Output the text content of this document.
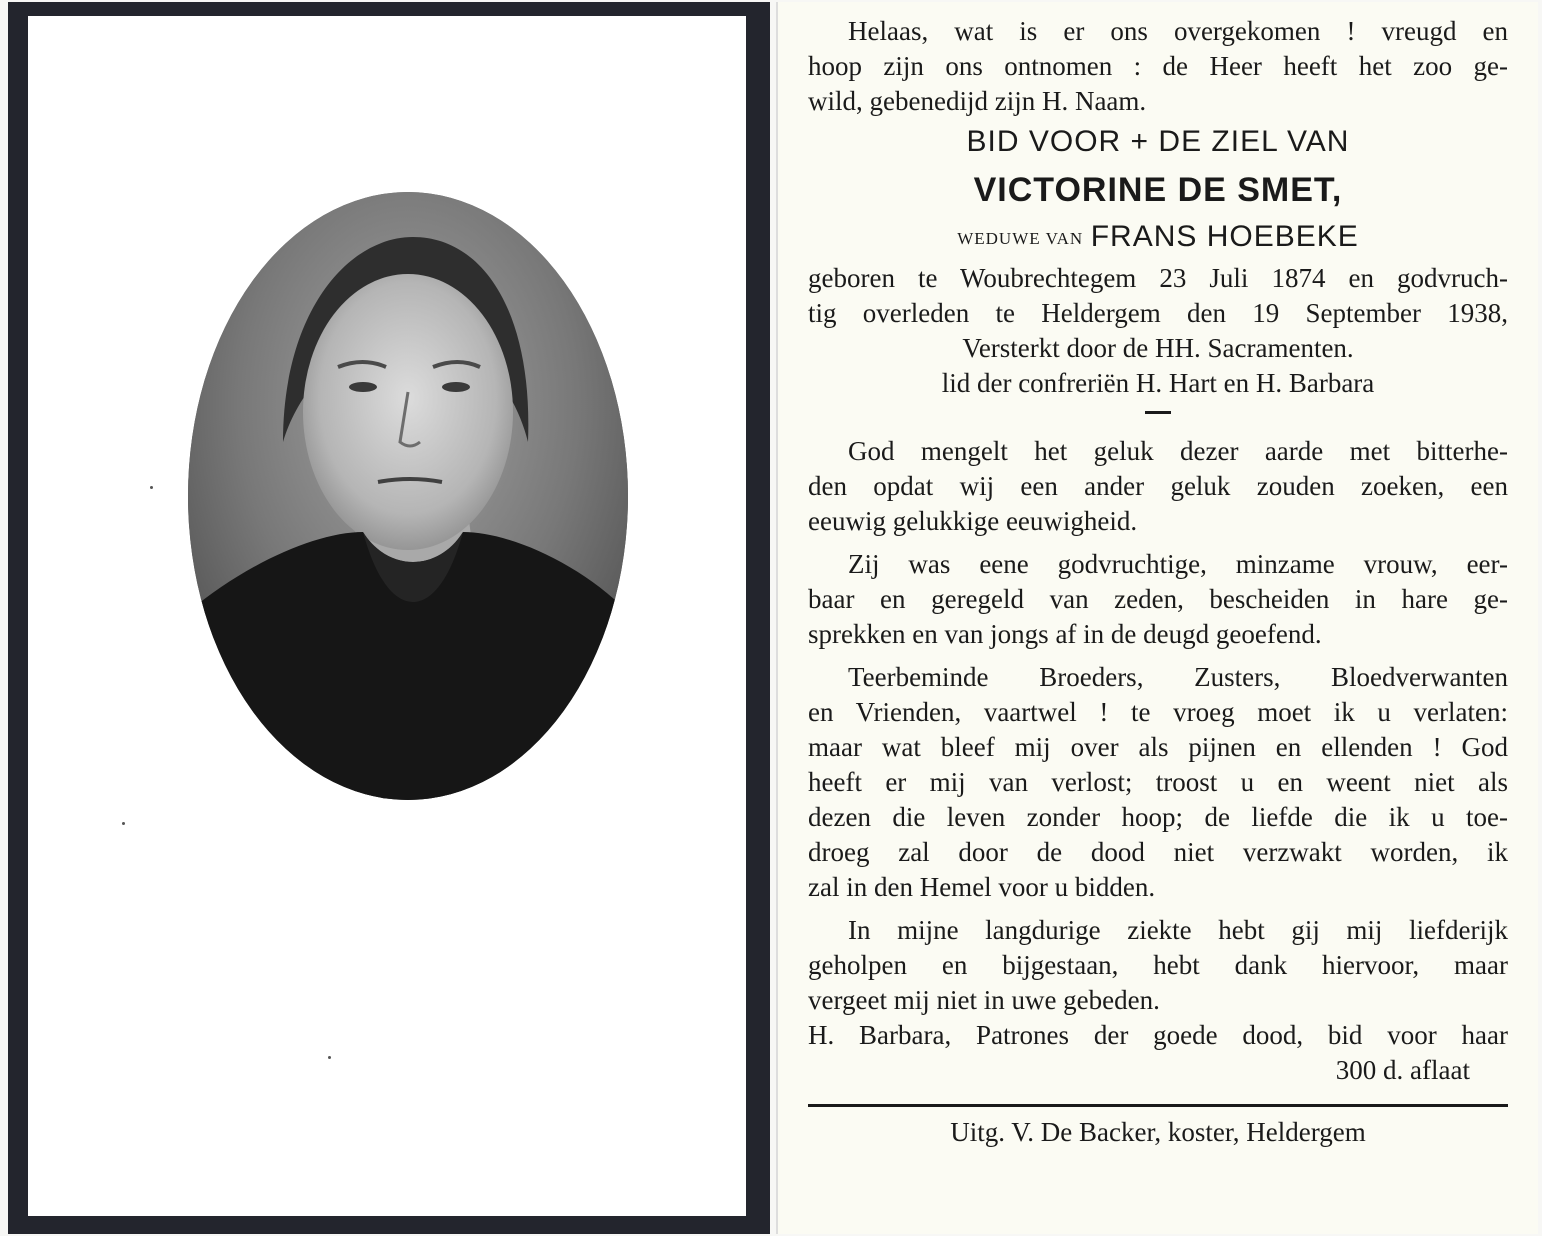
Helaas, wat is er ons overgekomen ! vreugd en
hoop zijn ons ontnomen : de Heer heeft het zoo ge-
wild, gebenedijd zijn H. Naam.
BID VOOR + DE ZIEL VAN
VICTORINE DE SMET,
WEDUWE VAN FRANS HOEBEKE
geboren te Woubrechtegem 23 Juli 1874 en godvruch-
tig overleden te Heldergem den 19 September 1938,
Versterkt door de HH. Sacramenten.
lid der confreriën H. Hart en H. Barbara
God mengelt het geluk dezer aarde met bitterhe-
den opdat wij een ander geluk zouden zoeken, een
eeuwig gelukkige eeuwigheid.
Zij was eene godvruchtige, minzame vrouw, eer-
baar en geregeld van zeden, bescheiden in hare ge-
sprekken en van jongs af in de deugd geoefend.
Teerbeminde Broeders, Zusters, Bloedverwanten
en Vrienden, vaartwel ! te vroeg moet ik u verlaten:
maar wat bleef mij over als pijnen en ellenden ! God
heeft er mij van verlost; troost u en weent niet als
dezen die leven zonder hoop; de liefde die ik u toe-
droeg zal door de dood niet verzwakt worden, ik
zal in den Hemel voor u bidden.
In mijne langdurige ziekte hebt gij mij liefderijk
geholpen en bijgestaan, hebt dank hiervoor, maar
vergeet mij niet in uwe gebeden.
H. Barbara, Patrones der goede dood, bid voor haar
300 d. aflaat
Uitg. V. De Backer, koster, Heldergem
